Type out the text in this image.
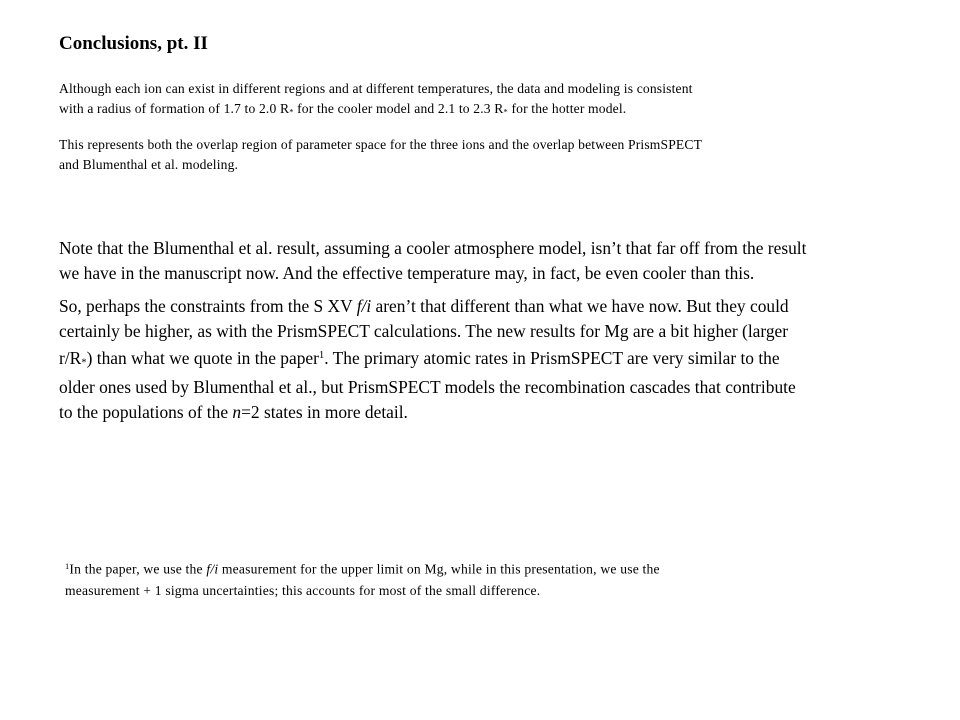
Conclusions, pt. II

Although each ion can exist in different regions and at different temperatures, the data and modeling is consistent
with a radius of formation of 1.7 to 2.0 R* for the cooler model and 2.1 to 2.3 R* for the hotter model.

This represents both the overlap region of parameter space for the three ions and the overlap between PrismSPECT
and Blumenthal et al. modeling.

Note that the Blumenthal et al. result, assuming a cooler atmosphere model, isn’t that far off from the result
we have in the manuscript now. And the effective temperature may, in fact, be even cooler than this.

So, perhaps the constraints from the S XV f/i aren’t that different than what we have now. But they could
certainly be higher, as with the PrismSPECT calculations. The new results for Mg are a bit higher (larger
r/R*) than what we quote in the paper$^1$. The primary atomic rates in PrismSPECT are very similar to the
older ones used by Blumenthal et al., but PrismSPECT models the recombination cascades that contribute
to the populations of the n=2 states in more detail.

$^1$In the paper, we use the f/i measurement for the upper limit on Mg, while in this presentation, we use the
measurement + 1 sigma uncertainties; this accounts for most of the small difference.
